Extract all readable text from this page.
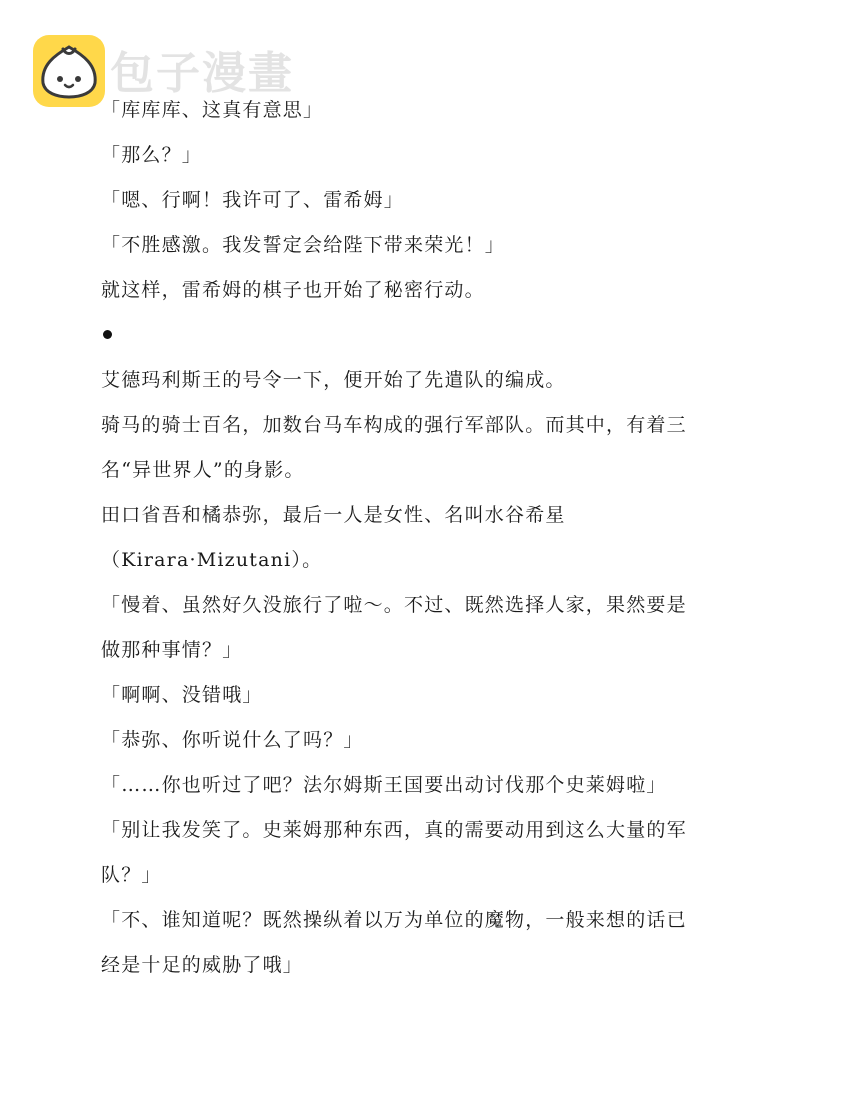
包子漫畫
「库库库、这真有意思」
「那么？」
「嗯、行啊！我许可了、雷希姆」
「不胜感激。我发誓定会给陛下带来荣光！」
就这样，雷希姆的棋子也开始了秘密行动。
艾德玛利斯王的号令一下，便开始了先遣队的编成。
骑马的骑士百名，加数台马车构成的强行军部队。而其中，有着三
名“异世界人”的身影。
田口省吾和橘恭弥，最后一人是女性、名叫水谷希星
（Kirara·Mizutani）。
「慢着、虽然好久没旅行了啦～。不过、既然选择人家，果然要是
做那种事情？」
「啊啊、没错哦」
「恭弥、你听说什么了吗？」
「……你也听过了吧？法尔姆斯王国要出动讨伐那个史莱姆啦」
「别让我发笑了。史莱姆那种东西，真的需要动用到这么大量的军
队？」
「不、谁知道呢？既然操纵着以万为单位的魔物，一般来想的话已
经是十足的威胁了哦」
